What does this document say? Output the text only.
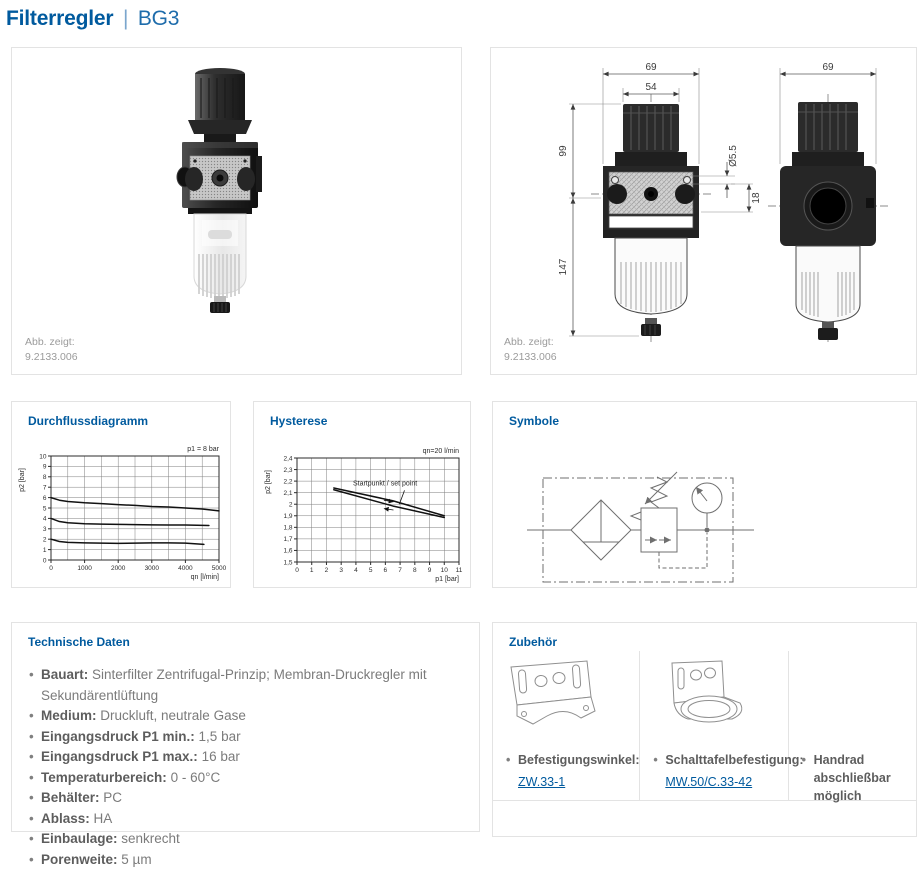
Filterregler | BG3
Abb. zeigt:
9.2133.006
69
54
99
147
Ø5.5
18
69
Abb. zeigt:
9.2133.006
Durchflussdiagramm
0	1000	2000	3000	4000	5000
0
1
2
3
4
5
6
7
8
9
10
qn [l/min]
p2 [bar]
p1 = 8 bar
Hysterese
0 1 2 3 4 5 6 7 8 9 10 11
1,5
1,6
1,7
1,8
1,9
2
2,1
2,2
2,3
2,4
p1 [bar]
p2 [bar]
qn=20 l/min
Startpunkt / set point
Symbole
Technische Daten
• Bauart: Sinterfilter Zentrifugal-Prinzip; Membran-Druckregler mit Sekundärentlüftung
• Medium: Druckluft, neutrale Gase
• Eingangsdruck P1 min.: 1,5 bar
• Eingangsdruck P1 max.: 16 bar
• Temperaturbereich: 0 - 60°C
• Behälter: PC
• Ablass: HA
• Einbaulage: senkrecht
• Porenweite: 5 µm
Zubehör
• Befestigungswinkel:
ZW.33-1
• Schalttafelbefestigung:
MW.50/C.33-42
• Handrad abschließbar möglich
